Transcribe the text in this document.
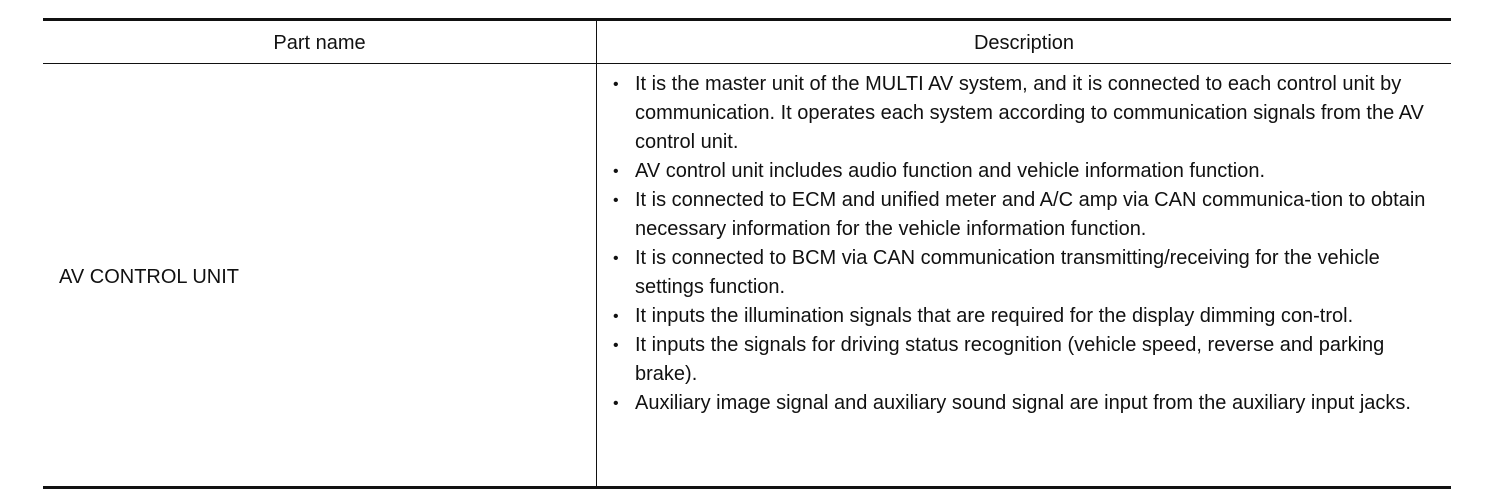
Part name	Description
AV CONTROL UNIT
• It is the master unit of the MULTI AV system, and it is connected to each control unit by communication. It operates each system according to communication signals from the AV control unit.
• AV control unit includes audio function and vehicle information function.
• It is connected to ECM and unified meter and A/C amp via CAN communica-tion to obtain necessary information for the vehicle information function.
• It is connected to BCM via CAN communication transmitting/receiving for the vehicle settings function.
• It inputs the illumination signals that are required for the display dimming con-trol.
• It inputs the signals for driving status recognition (vehicle speed, reverse and parking brake).
• Auxiliary image signal and auxiliary sound signal are input from the auxiliary input jacks.
